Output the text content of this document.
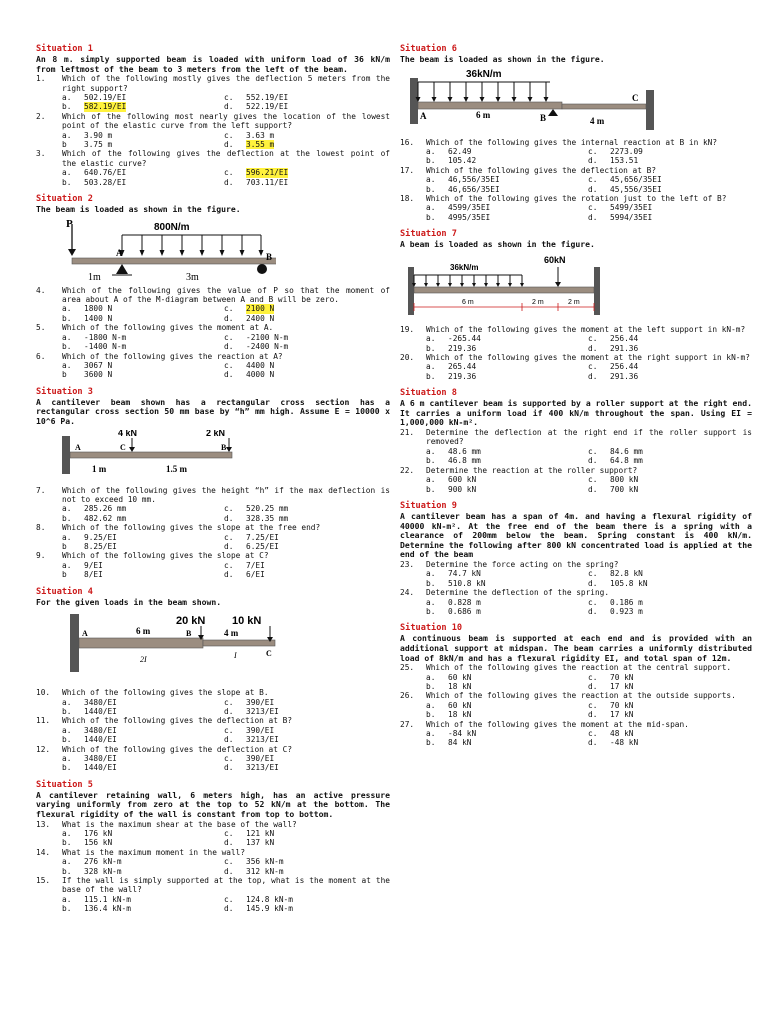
Situation 1
An 8 m. simply supported beam is loaded with uniform load of 36 kN/m from leftmost of the beam to 3 meters from the left of the beam.
1. Which of the following mostly gives the deflection 5 meters from the right support?
a.	502.19/EI	c.	552.19/EI
b.	582.19/EI	d.	522.19/EI
2. Which of the following most nearly gives the location of the lowest point of the elastic curve from the left support?
a.	3.90 m	c.	3.63 m
b	3.75 m	d.	3.55 m
3. Which of the following gives the deflection at the lowest point of the elastic curve?
a.	640.76/EI	c.	596.21/EI
b.	503.28/EI	d.	703.11/EI
Situation 2
The beam is loaded as shown in the figure.
P	800N/m
A	B
1m	3m
4. Which of the following gives the value of P so that the moment of area about A of the M-diagram between A and B will be zero.
a.	1800 N	c.	2100 N
b.	1400 N	d.	2400 N
5. Which of the following gives the moment at A.
a.	-1800 N-m	c.	-2100 N-m
b.	-1400 N-m	d.	-2400 N-m
6. Which of the following gives the reaction at A?
a.	3067 N	c.	4400 N
b	3600 N	d.	4000 N
Situation 3
A cantilever beam shown has a rectangular cross section has a rectangular cross section 50 mm base by “h” mm high. Assume E = 10000 x 10^6 Pa.
A
4 kN
C
2 kN
B
1 m	1.5 m
7. Which of the following gives the height “h” if the max deflection is not to exceed 10 mm.
a.	285.26 mm	c.	520.25 mm
b.	482.62 mm	d.	328.35 mm
8. Which of the following gives the slope at the free end?
a.	9.25/EI	c.	7.25/EI
b	8.25/EI	d.	6.25/EI
9. Which of the following gives the slope at C?
a.	9/EI	c.	7/EI
b	8/EI	d.	6/EI
Situation 4
For the given loads in the beam shown.
A	6 m	B
20 kN
4 m
10 kN
C
2I	I
10. Which of the following gives the slope at B.
a.	3480/EI	c.	390/EI
b.	1440/EI	d.	3213/EI
11. Which of the following gives the deflection at B?
a.	3480/EI	c.	390/EI
b.	1440/EI	d.	3213/EI
12. Which of the following gives the deflection at C?
a.	3480/EI	c.	390/EI
b.	1440/EI	d.	3213/EI
Situation 5
A cantilever retaining wall, 6 meters high, has an active pressure varying uniformly from zero at the top to 52 kN/m at the bottom. The flexural rigidity of the wall is constant from top to bottom.
13. What is the maximum shear at the base of the wall?
a.	176 kN	c.	121 kN
b.	156 kN	d.	137 kN
14. What is the maximum moment in the wall?
a.	276 kN-m	c.	356 kN-m
b.	328 kN-m	d.	312 kN-m
15. If the wall is simply supported at the top, what is the moment at the base of the wall?
a.	115.1 kN-m	c.	124.8 kN-m
b.	136.4 kN-m	d.	145.9 kN-m
Situation 6
The beam is loaded as shown in the figure.
36kN/m
A	6 m	B
C
4 m
16. Which of the following gives the internal reaction at B in kN?
a.	62.49	c.	2273.09
b.	105.42	d.	153.51
17. Which of the following gives the deflection at B?
a.	46,556/35EI	c.	45,656/35EI
b.	46,656/35EI	d.	45,556/35EI
18. Which of the following gives the rotation just to the left of B?
a.	4599/35EI	c.	5499/35EI
b.	4995/35EI	d.	5994/35EI
Situation 7
A beam is loaded as shown in the figure.
36kN/m
60kN
6 m	2 m	2 m
19. Which of the following gives the moment at the left support in kN-m?
a.	-265.44	c.	256.44
b.	219.36	d.	291.36
20. Which of the following gives the moment at the right support in kN-m?
a.	265.44	c.	256.44
b.	219.36	d.	291.36
Situation 8
A 6 m cantilever beam is supported by a roller support at the right end. It carries a uniform load if 400 kN/m throughout the span. Using EI = 1,000,000 kN-m².
21. Determine the deflection at the right end if the roller support is removed?
a.	48.6 mm	c.	84.6 mm
b.	46.8 mm	d.	64.8 mm
22. Determine the reaction at the roller support?
a.	600 kN	c.	800 kN
b.	900 kN	d.	700 kN
Situation 9
A cantilever beam has a span of 4m. and having a flexural rigidity of 40000 kN-m². At the free end of the beam there is a spring with a clearance of 200mm below the beam. Spring constant is 400 kN/m. Determine the following after 800 kN concentrated load is applied at the end of the beam
23. Determine the force acting on the spring?
a.	74.7 kN	c.	82.8 kN
b.	510.8 kN	d.	105.8 kN
24. Determine the deflection of the spring.
a.	0.828 m	c.	0.186 m
b.	0.686 m	d.	0.923 m
Situation 10
A continuous beam is supported at each end and is provided with an additional support at midspan. The beam carries a uniformly distributed load of 8kN/m and has a flexural rigidity EI, and total span of 12m.
25. Which of the following gives the reaction at the central support.
a.	60 kN	c.	70 kN
b.	18 kN	d.	17 kN
26. Which of the following gives the reaction at the outside supports.
a.	60 kN	c.	70 kN
b.	18 kN	d.	17 kN
27. Which of the following gives the moment at the mid-span.
a.	-84 kN	c.	48 kN
b.	84 kN	d.	-48 kN
